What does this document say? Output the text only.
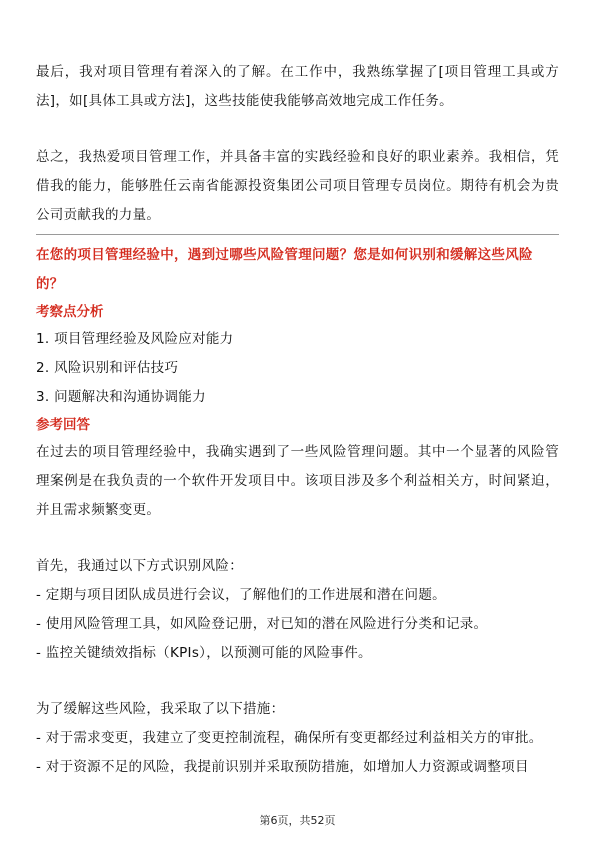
最后，我对项目管理有着深入的了解。在工作中，我熟练掌握了[项目管理工具或方法]，如[具体工具或方法]，这些技能使我能够高效地完成工作任务。

总之，我热爱项目管理工作，并具备丰富的实践经验和良好的职业素养。我相信，凭借我的能力，能够胜任云南省能源投资集团公司项目管理专员岗位。期待有机会为贵公司贡献我的力量。

在您的项目管理经验中，遇到过哪些风险管理问题？您是如何识别和缓解这些风险的？

考察点分析

1. 项目管理经验及风险应对能力

2. 风险识别和评估技巧

3. 问题解决和沟通协调能力

参考回答

在过去的项目管理经验中，我确实遇到了一些风险管理问题。其中一个显著的风险管理案例是在我负责的一个软件开发项目中。该项目涉及多个利益相关方，时间紧迫，并且需求频繁变更。

首先，我通过以下方式识别风险：

- 定期与项目团队成员进行会议，了解他们的工作进展和潜在问题。

- 使用风险管理工具，如风险登记册，对已知的潜在风险进行分类和记录。

- 监控关键绩效指标（KPIs），以预测可能的风险事件。

为了缓解这些风险，我采取了以下措施：

- 对于需求变更，我建立了变更控制流程，确保所有变更都经过利益相关方的审批。

- 对于资源不足的风险，我提前识别并采取预防措施，如增加人力资源或调整项目

第6页，共52页
